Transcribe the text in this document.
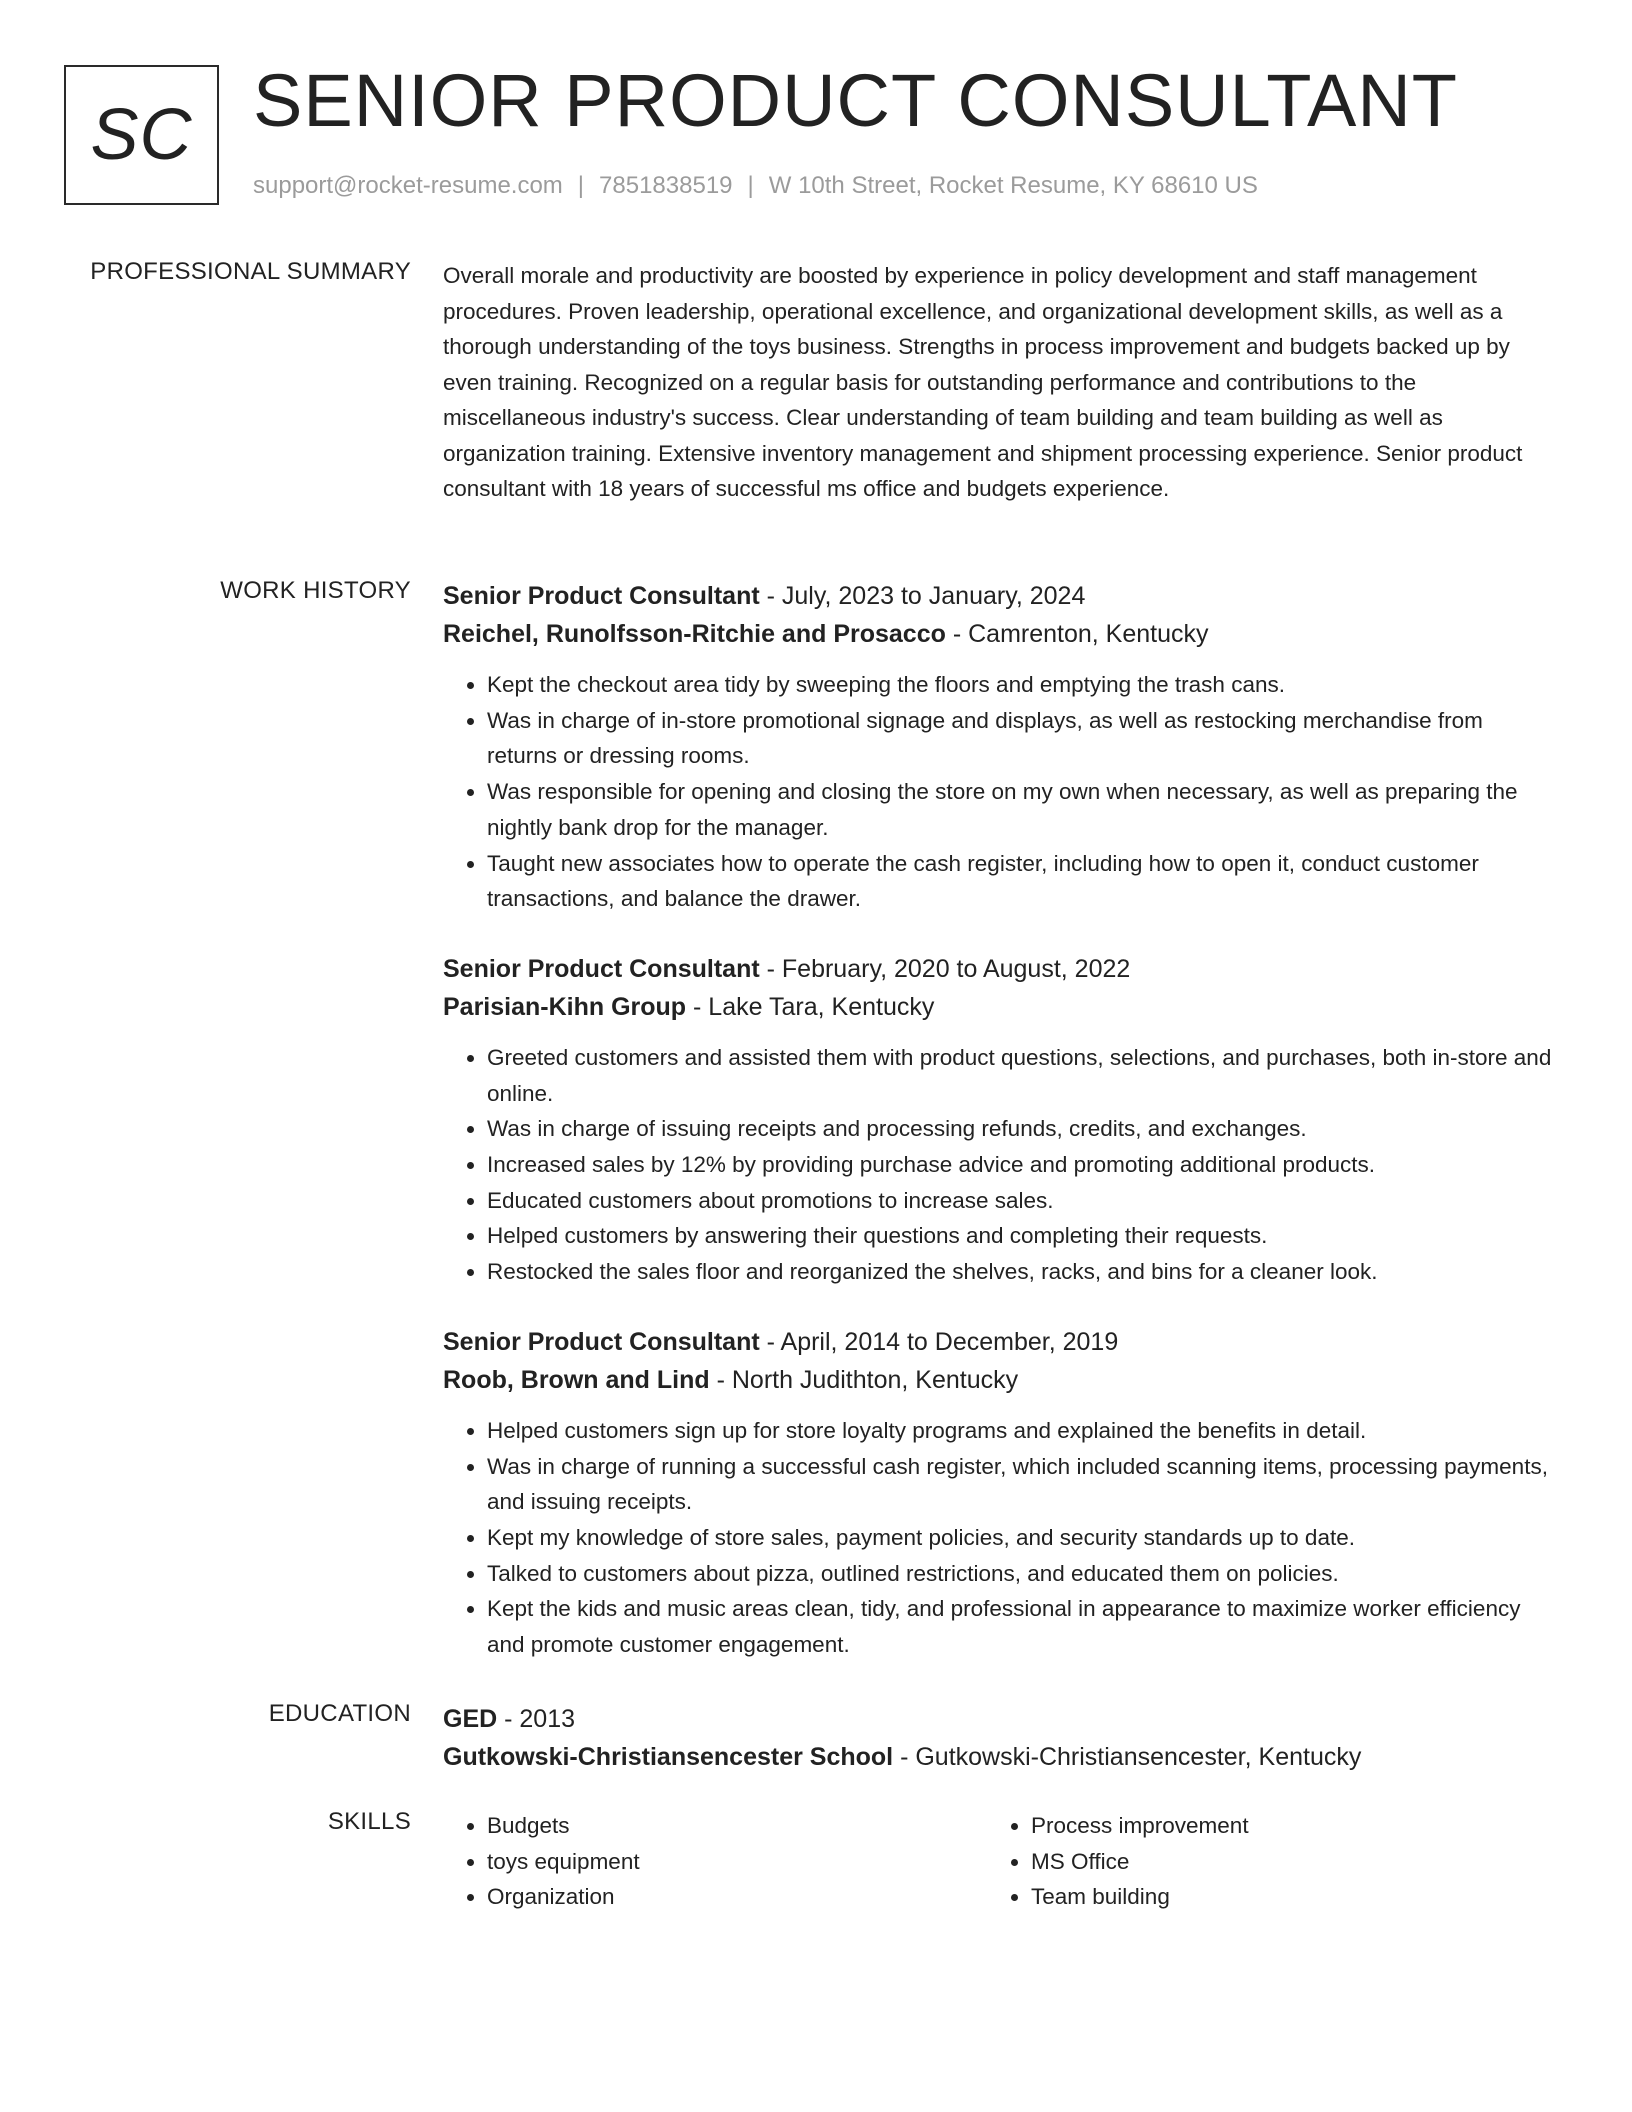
SC SENIOR PRODUCT CONSULTANT
support@rocket-resume.com | 7851838519 | W 10th Street, Rocket Resume, KY 68610 US
PROFESSIONAL SUMMARY Overall morale and productivity are boosted by experience in policy development and staff management procedures. Proven leadership, operational excellence, and organizational development skills, as well as a thorough understanding of the toys business. Strengths in process improvement and budgets backed up by even training. Recognized on a regular basis for outstanding performance and contributions to the miscellaneous industry's success. Clear understanding of team building and team building as well as organization training. Extensive inventory management and shipment processing experience. Senior product consultant with 18 years of successful ms office and budgets experience.

WORK HISTORY Senior Product Consultant - July, 2023 to January, 2024
Reichel, Runolfsson-Ritchie and Prosacco - Camrenton, Kentucky
• Kept the checkout area tidy by sweeping the floors and emptying the trash cans.
• Was in charge of in-store promotional signage and displays, as well as restocking merchandise from returns or dressing rooms.
• Was responsible for opening and closing the store on my own when necessary, as well as preparing the nightly bank drop for the manager.
• Taught new associates how to operate the cash register, including how to open it, conduct customer transactions, and balance the drawer.
Senior Product Consultant - February, 2020 to August, 2022
Parisian-Kihn Group - Lake Tara, Kentucky
• Greeted customers and assisted them with product questions, selections, and purchases, both in-store and online.
• Was in charge of issuing receipts and processing refunds, credits, and exchanges.
• Increased sales by 12% by providing purchase advice and promoting additional products.
• Educated customers about promotions to increase sales.
• Helped customers by answering their questions and completing their requests.
• Restocked the sales floor and reorganized the shelves, racks, and bins for a cleaner look.
Senior Product Consultant - April, 2014 to December, 2019
Roob, Brown and Lind - North Judithton, Kentucky
• Helped customers sign up for store loyalty programs and explained the benefits in detail.
• Was in charge of running a successful cash register, which included scanning items, processing payments, and issuing receipts.
• Kept my knowledge of store sales, payment policies, and security standards up to date.
• Talked to customers about pizza, outlined restrictions, and educated them on policies.
• Kept the kids and music areas clean, tidy, and professional in appearance to maximize worker efficiency and promote customer engagement.
EDUCATION GED - 2013
Gutkowski-Christiansencester School - Gutkowski-Christiansencester, Kentucky
SKILLS
•	Budgets
• toys equipment
• Organization
• Process improvement
• MS Office
• Team building
